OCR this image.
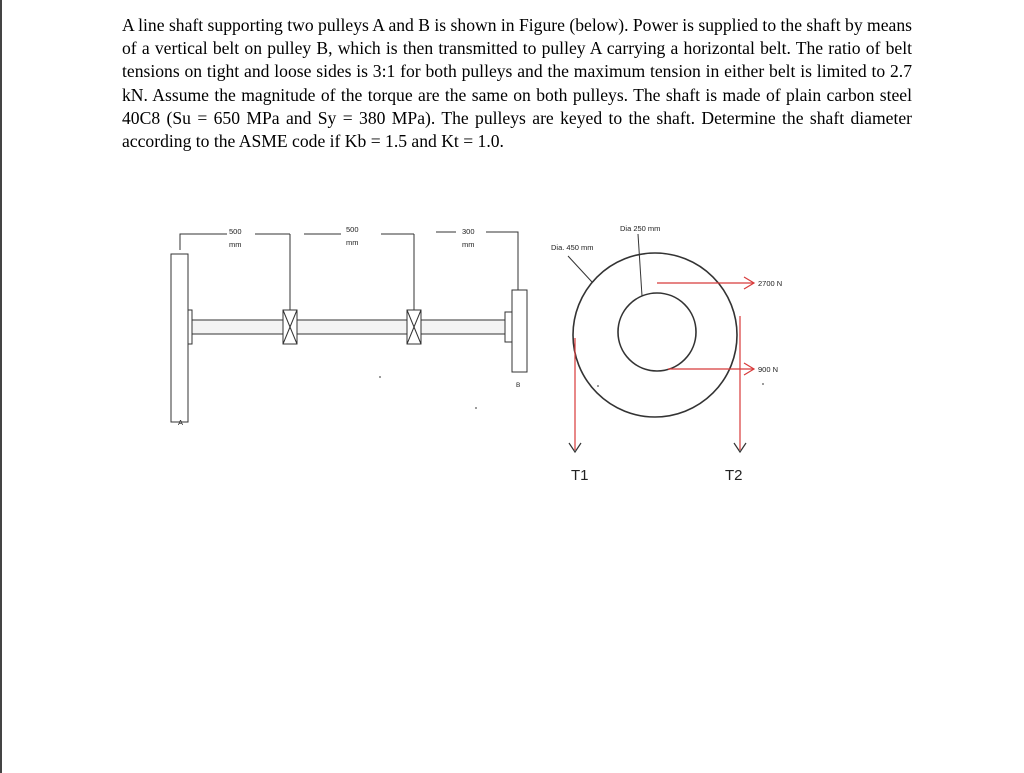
A line shaft supporting two pulleys A and B is shown in Figure (below). Power is supplied to the shaft by means of a vertical belt on pulley B, which is then transmitted to pulley A carrying a horizontal belt. The ratio of belt tensions on tight and loose sides is 3:1 for both pulleys and the maximum tension in either belt is limited to 2.7 kN. Assume the magnitude of the torque are the same on both pulleys. The shaft is made of plain carbon steel 40C8 (Su = 650 MPa and Sy = 380 MPa). The pulleys are keyed to the shaft. Determine the shaft diameter according to the ASME code if Kb = 1.5 and Kt = 1.0.

500
mm
500
mm
300
mm
A
B
Dia. 450 mm
Dia 250 mm
2700 N
900 N
T1	T2
